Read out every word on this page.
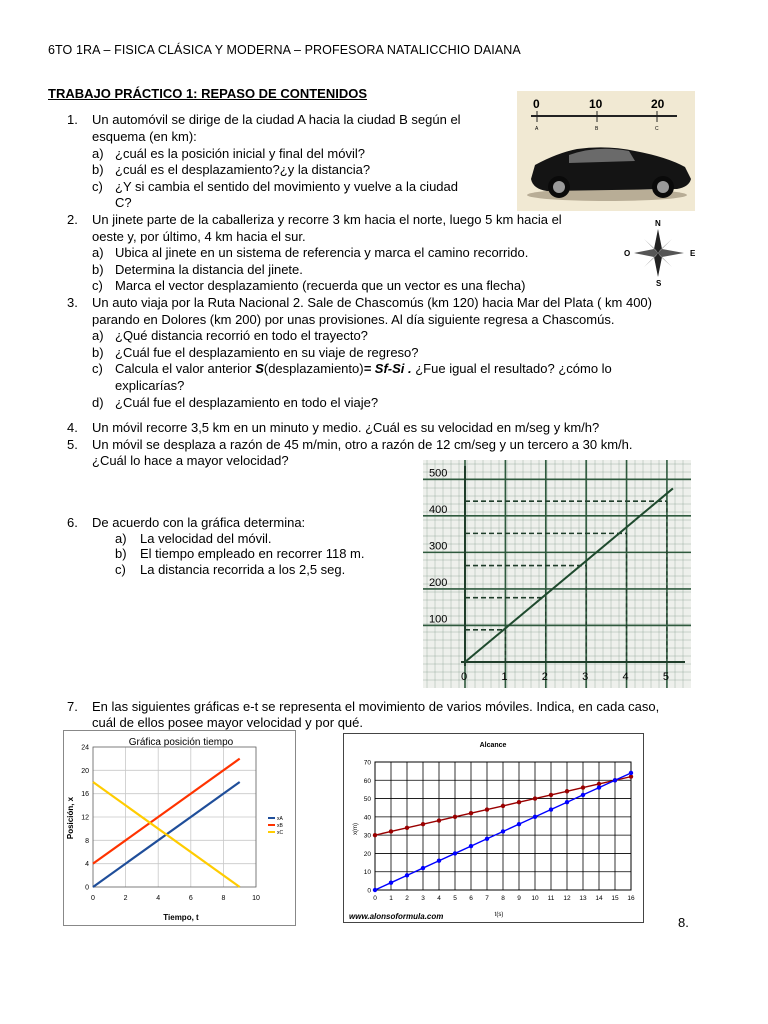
6TO 1RA – FISICA CLÁSICA Y MODERNA – PROFESORA NATALICCHIO DAIANA
TRABAJO PRÁCTICO 1: REPASO DE CONTENIDOS
1. Un automóvil se dirige de la ciudad A hacia la ciudad B según el
esquema (en km):
a) ¿cuál es la posición inicial y final del móvil?
b) ¿cuál es el desplazamiento?¿y la distancia?
c) ¿Y si cambia el sentido del movimiento y vuelve a la ciudad
C?
0	10	20
A	B	C
2. Un jinete parte de la caballeriza y recorre 3 km hacia el norte, luego 5 km hacia el
oeste y, por último, 4 km hacia el sur.
a) Ubica al jinete en un sistema de referencia y marca el camino recorrido.
b) Determina la distancia del jinete.
c) Marca el vector desplazamiento (recuerda que un vector es una flecha)
N
S
O	E
3. Un auto viaja por la Ruta Nacional 2. Sale de Chascomús (km 120) hacia Mar del Plata ( km 400)
parando en Dolores (km 200) por unas provisiones. Al día siguiente regresa a Chascomús.
a) ¿Qué distancia recorrió en todo el trayecto?
b) ¿Cuál fue el desplazamiento en su viaje de regreso?
c) Calcula el valor anterior S(desplazamiento)= Sf-Si . ¿Fue igual el resultado? ¿cómo lo
explicarías?
d) ¿Cuál fue el desplazamiento en todo el viaje?
4. Un móvil recorre 3,5 km en un minuto y medio. ¿Cuál es su velocidad en m/seg y km/h?
5. Un móvil se desplaza a razón de 45 m/min, otro a razón de 12 cm/seg y un tercero a 30 km/h.
¿Cuál lo hace a mayor velocidad?
6. De acuerdo con la gráfica determina:
a) La velocidad del móvil.
b) El tiempo empleado en recorrer 118 m.
c) La distancia recorrida a los 2,5 seg.
0	1	2	3	4	5
100
200
300
400
500
7. En las siguientes gráficas e-t se representa el movimiento de varios móviles. Indica, en cada caso,
cuál de ellos posee mayor velocidad y por qué.
Gráfica posición tiempo
0	2	4	6	8	10
0
4
8
12
16
20
24
xA
xB
xC
Tiempo, t
Posición, x
Alcance
0 1 2 3 4 5 6 7 8 9 10 11 12 13 14 15 16
0
10
20
30
40
50
60
70
www.alonsoformula.com	t(s)
x(m)
8.
